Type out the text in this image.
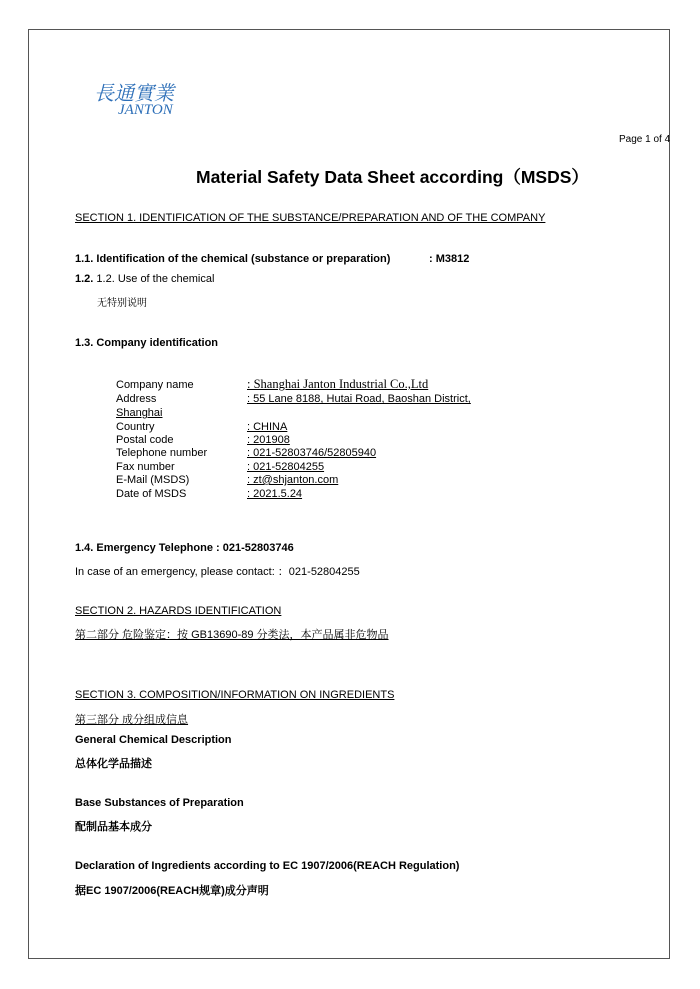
長通實業
JANTON
Page 1 of 4
Material Safety Data Sheet according（MSDS）
SECTION 1. IDENTIFICATION OF THE SUBSTANCE/PREPARATION AND OF THE COMPANY
1.1. Identification of the chemical (substance or preparation)	: M3812
1.2. 1.2. Use of the chemical
无特别说明
1.3. Company identification
Company name	: Shanghai Janton Industrial Co.,Ltd
Address	: 55 Lane 8188, Hutai Road, Baoshan District,
Shanghai
Country	: CHINA
Postal code	: 201908
Telephone number	: 021-52803746/52805940
Fax number	: 021-52804255
E-Mail (MSDS)	: zt@shjanton.com
Date of MSDS	: 2021.5.24
1.4. Emergency Telephone : 021-52803746
In case of an emergency, please contact: ：021-52804255
SECTION 2. HAZARDS IDENTIFICATION
第二部分 危险鉴定：按 GB13690-89 分类法，本产品属非危物品
SECTION 3. COMPOSITION/INFORMATION ON INGREDIENTS
第三部分 成分组成信息
General Chemical Description
总体化学品描述
Base Substances of Preparation
配制品基本成分
Declaration of Ingredients according to EC 1907/2006(REACH Regulation)
据EC 1907/2006(REACH规章)成分声明
